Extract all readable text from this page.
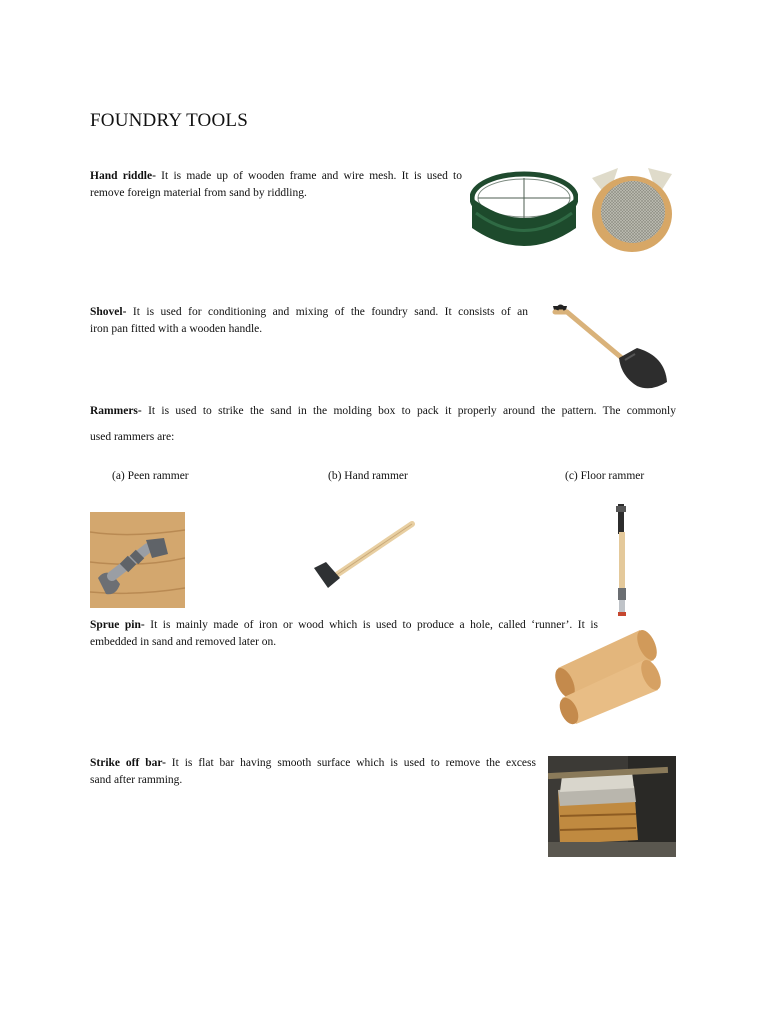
FOUNDRY TOOLS
Hand riddle- It is made up of wooden frame and wire mesh. It is used to
remove foreign material from sand by riddling.
Shovel- It is used for conditioning and mixing of the foundry sand. It consists of an
iron pan fitted with a wooden handle.
Rammers- It is used to strike the sand in the molding box to pack it properly around the pattern. The commonly
used rammers are:
(a) Peen rammer	(b) Hand rammer	(c) Floor rammer
Sprue pin- It is mainly made of iron or wood which is used to produce a hole, called ‘runner’. It is
embedded in sand and removed later on.
Strike off bar- It is flat bar having smooth surface which is used to remove the excess
sand after ramming.
